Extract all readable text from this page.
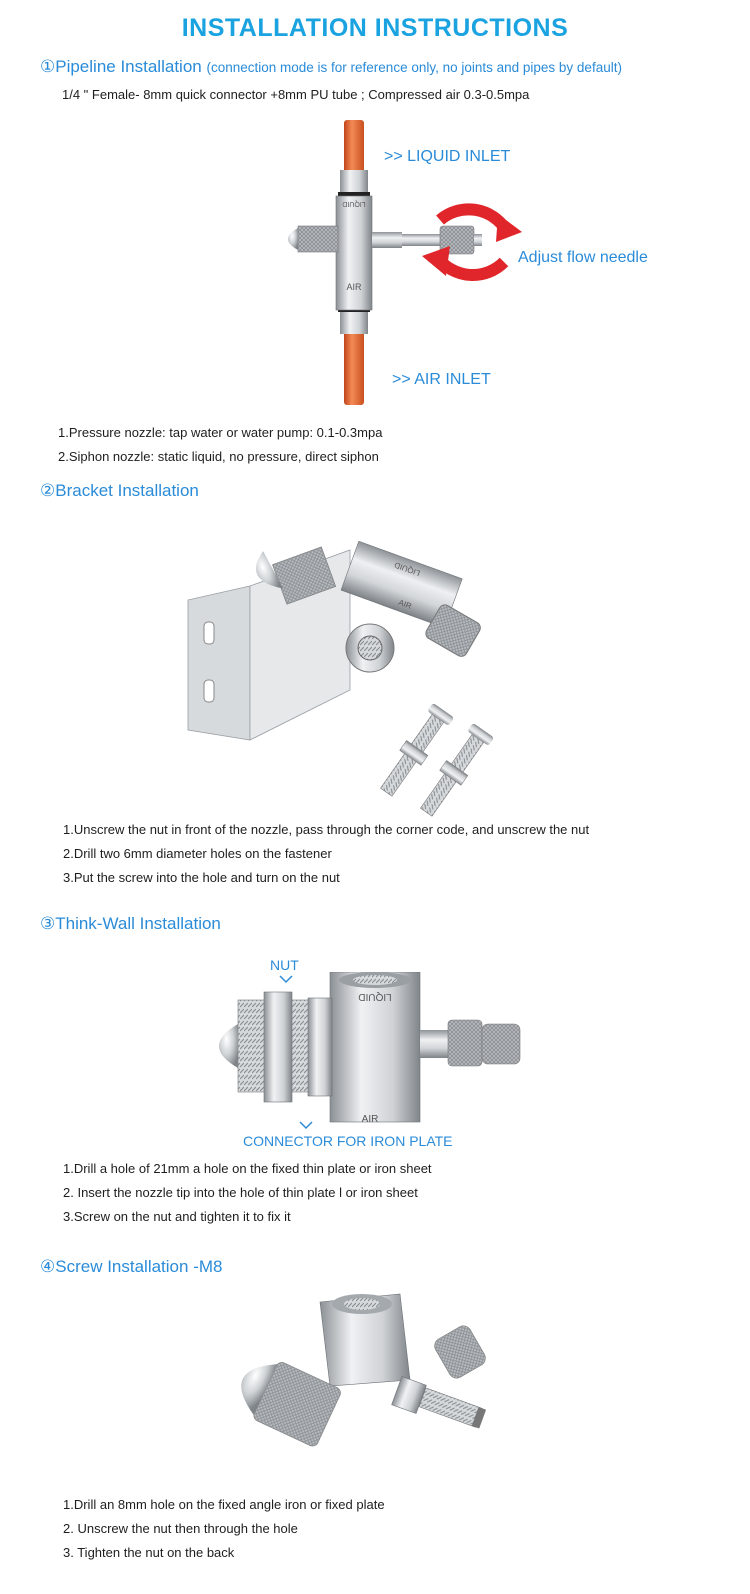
INSTALLATION INSTRUCTIONS
①Pipeline Installation (connection mode is for reference only, no joints and pipes by default)
1/4 " Female- 8mm quick connector +8mm PU tube ; Compressed air 0.3-0.5mpa
LIQUID
AIR
>> LIQUID INLET
Adjust flow needle
>> AIR INLET
1.Pressure nozzle: tap water or water pump: 0.1-0.3mpa
2.Siphon nozzle: static liquid, no pressure, direct siphon
②Bracket Installation
LIQUID
AIR
1.Unscrew the nut in front of the nozzle, pass through the corner code, and unscrew the nut
2.Drill two 6mm diameter holes on the fastener
3.Put the screw into the hole and turn on the nut
③Think-Wall Installation
NUT
LIQUID
AIR
CONNECTOR FOR IRON PLATE
1.Drill a hole of 21mm a hole on the fixed thin plate or iron sheet
2. Insert the nozzle tip into the hole of thin plate l or iron sheet
3.Screw on the nut and tighten it to fix it
④Screw Installation -M8
1.Drill an 8mm hole on the fixed angle iron or fixed plate
2. Unscrew the nut then through the hole
3. Tighten the nut on the back
